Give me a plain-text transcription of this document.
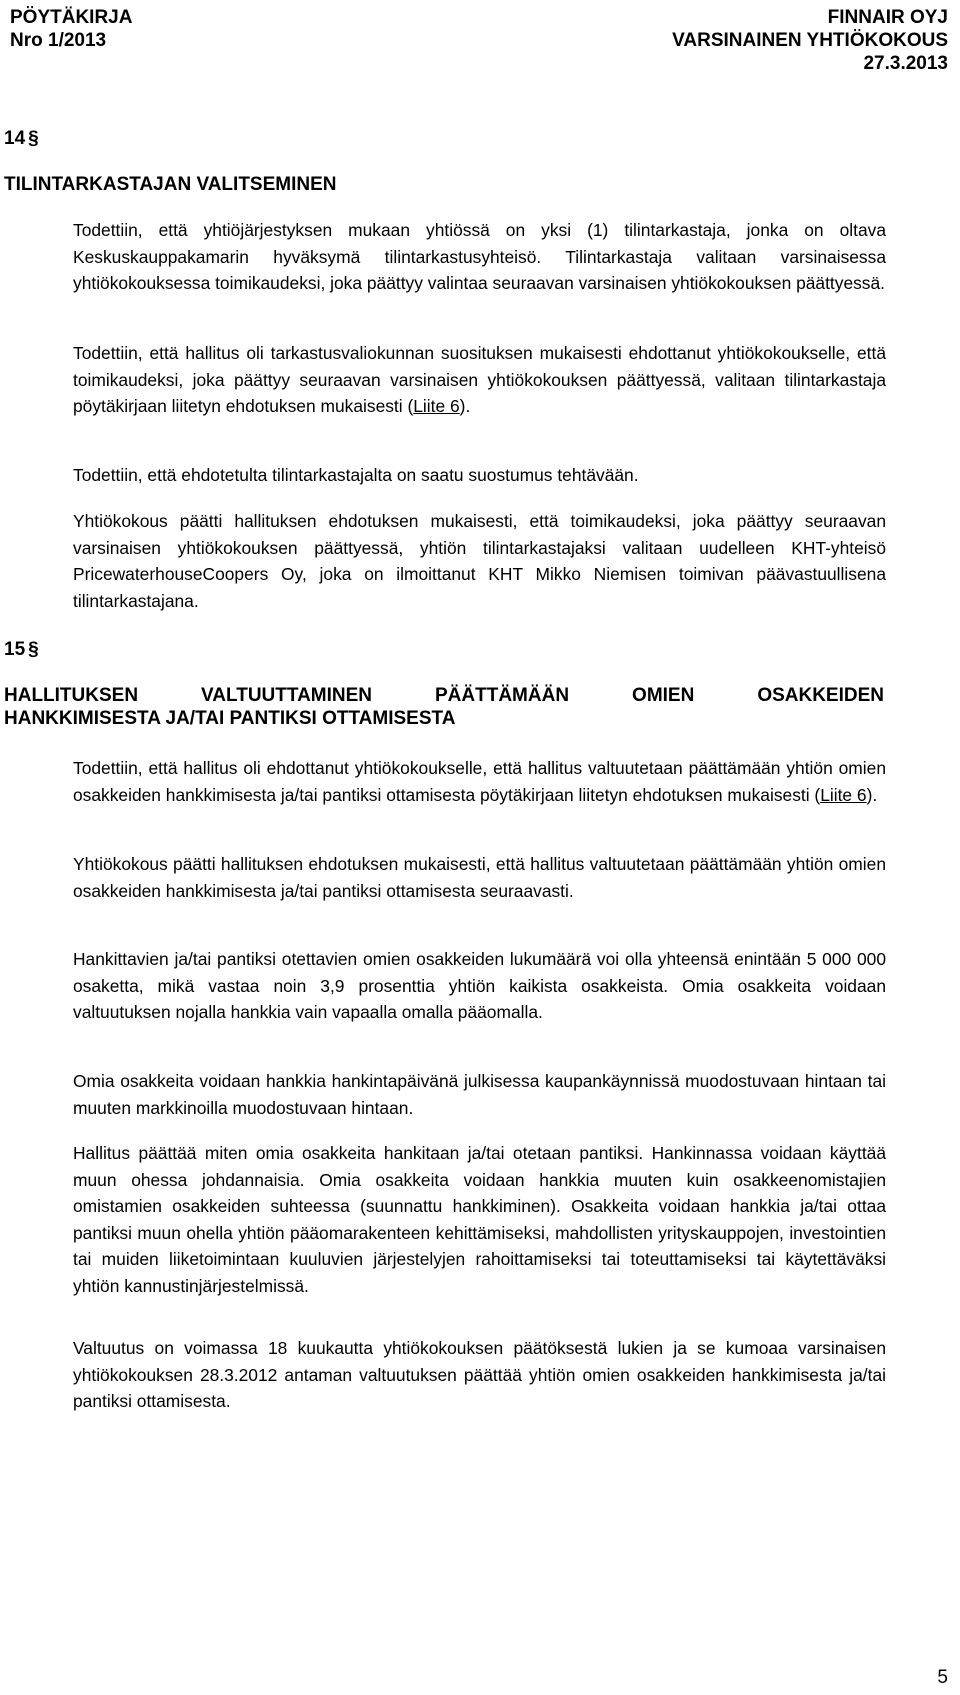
PÖYTÄKIRJA
Nro 1/2013
FINNAIR OYJ
VARSINAINEN YHTIÖKOKOUS
27.3.2013
14 §
TILINTARKASTAJAN VALITSEMINEN

Todettiin, että yhtiöjärjestyksen mukaan yhtiössä on yksi (1) tilintarkastaja, jonka on oltava Keskuskauppakamarin hyväksymä tilintarkastusyhteisö. Tilintarkastaja valitaan varsinaisessa yhtiökokouksessa toimikaudeksi, joka päättyy valintaa seuraavan varsinaisen yhtiökokouksen päättyessä.

Todettiin, että hallitus oli tarkastusvaliokunnan suosituksen mukaisesti ehdottanut yhtiökokoukselle, että toimikaudeksi, joka päättyy seuraavan varsinaisen yhtiökokouksen päättyessä, valitaan tilintarkastaja pöytäkirjaan liitetyn ehdotuksen mukaisesti (Liite 6).

Todettiin, että ehdotetulta tilintarkastajalta on saatu suostumus tehtävään.

Yhtiökokous päätti hallituksen ehdotuksen mukaisesti, että toimikaudeksi, joka päättyy seuraavan varsinaisen yhtiökokouksen päättyessä, yhtiön tilintarkastajaksi valitaan uudelleen KHT-yhteisö PricewaterhouseCoopers Oy, joka on ilmoittanut KHT Mikko Niemisen toimivan päävastuullisena tilintarkastajana.

15 §
HALLITUKSEN VALTUUTTAMINEN PÄÄTTÄMÄÄN OMIEN OSAKKEIDEN
HANKKIMISESTA JA/TAI PANTIKSI OTTAMISESTA

Todettiin, että hallitus oli ehdottanut yhtiökokoukselle, että hallitus valtuutetaan päättämään yhtiön omien osakkeiden hankkimisesta ja/tai pantiksi ottamisesta pöytäkirjaan liitetyn ehdotuksen mukaisesti (Liite 6).

Yhtiökokous päätti hallituksen ehdotuksen mukaisesti, että hallitus valtuutetaan päättämään yhtiön omien osakkeiden hankkimisesta ja/tai pantiksi ottamisesta seuraavasti.

Hankittavien ja/tai pantiksi otettavien omien osakkeiden lukumäärä voi olla yhteensä enintään 5 000 000 osaketta, mikä vastaa noin 3,9 prosenttia yhtiön kaikista osakkeista. Omia osakkeita voidaan valtuutuksen nojalla hankkia vain vapaalla omalla pääomalla.

Omia osakkeita voidaan hankkia hankintapäivänä julkisessa kaupankäynnissä muodostuvaan hintaan tai muuten markkinoilla muodostuvaan hintaan.

Hallitus päättää miten omia osakkeita hankitaan ja/tai otetaan pantiksi. Hankinnassa voidaan käyttää muun ohessa johdannaisia. Omia osakkeita voidaan hankkia muuten kuin osakkeenomistajien omistamien osakkeiden suhteessa (suunnattu hankkiminen). Osakkeita voidaan hankkia ja/tai ottaa pantiksi muun ohella yhtiön pääomarakenteen kehittämiseksi, mahdollisten yrityskauppojen, investointien tai muiden liiketoimintaan kuuluvien järjestelyjen rahoittamiseksi tai toteuttamiseksi tai käytettäväksi yhtiön kannustinjärjestelmissä.

Valtuutus on voimassa 18 kuukautta yhtiökokouksen päätöksestä lukien ja se kumoaa varsinaisen yhtiökokouksen 28.3.2012 antaman valtuutuksen päättää yhtiön omien osakkeiden hankkimisesta ja/tai pantiksi ottamisesta.

5
